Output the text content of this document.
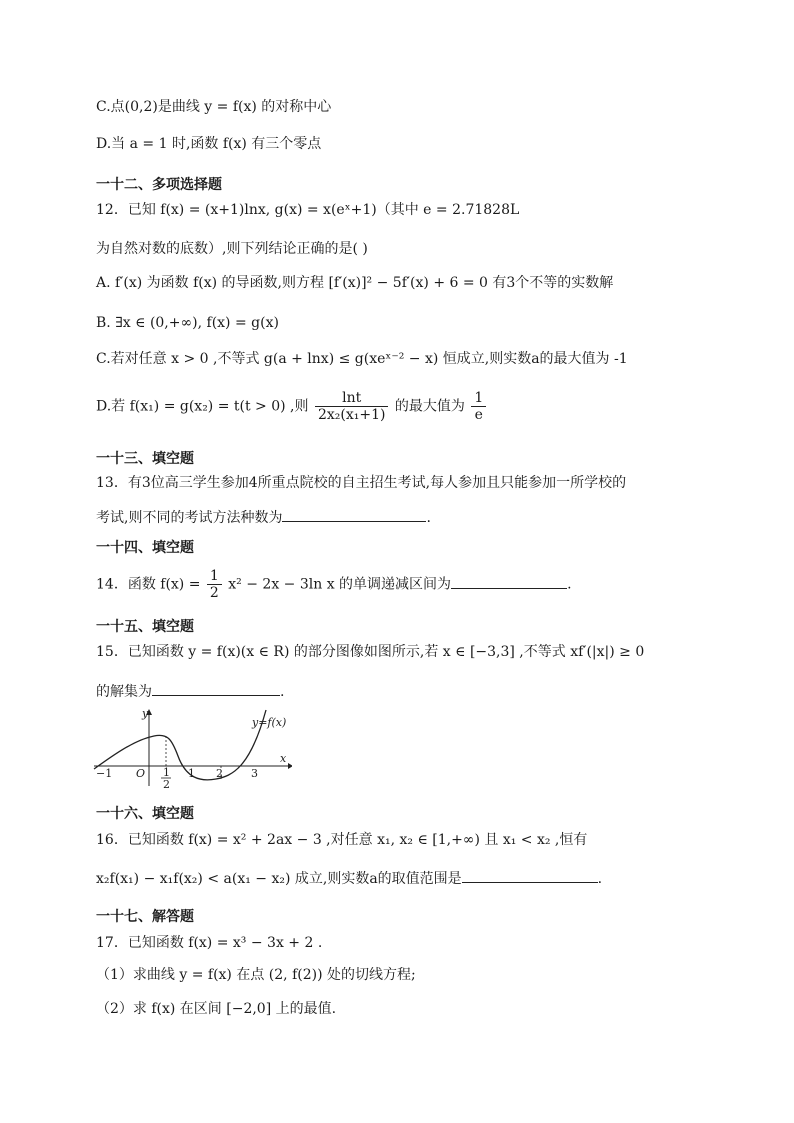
C.点(0,2)是曲线 y = f(x) 的对称中心
D.当 a = 1 时,函数 f(x) 有三个零点
一十二、多项选择题
12．已知 f(x) = (x+1)lnx, g(x) = x(eˣ+1)（其中 e = 2.71828L
为自然对数的底数）,则下列结论正确的是( )
A. f′(x) 为函数 f(x) 的导函数,则方程 [f′(x)]² − 5f′(x) + 6 = 0 有3个不等的实数解
B. ∃x ∈ (0,+∞), f(x) = g(x)
C.若对任意 x > 0 ,不等式 g(a + lnx) ≤ g(xeˣ⁻² − x) 恒成立,则实数a的最大值为 -1
D.若 f(x₁) = g(x₂) = t(t > 0) ,则 $\frac{\ln t}{\text{2x₂(x₁+1)}}$ 的最大值为 $\frac{1}{e}$
一十三、填空题
13．有3位高三学生参加4所重点院校的自主招生考试,每人参加且只能参加一所学校的
考试,则不同的考试方法种数为	.
一十四、填空题
14．函数 $f(x) = \frac{1}{2} x^2 - 2x - 3\ln$ x 的单调递减区间为	.
一十五、填空题
15．已知函数 y = f(x)(x ∈ R) 的部分图像如图所示,若 x ∈ [−3,3] ,不等式 xf′(|x|) ≥ 0
的解集为	.
y
x
y=f(x)
−1 O 1
2
1 2	3
一十六、填空题
16．已知函数 f(x) = x² + 2ax − 3 ,对任意 x₁, x₂ ∈ [1,+∞) 且 x₁ < x₂ ,恒有
x₂f(x₁) − x₁f(x₂) < a(x₁ − x₂) 成立,则实数a的取值范围是	.
一十七、解答题
17．已知函数 f(x) = x³ − 3x + 2 .
（1）求曲线 y = f(x) 在点 (2, f(2)) 处的切线方程;
（2）求 f(x) 在区间 [−2,0] 上的最值.
